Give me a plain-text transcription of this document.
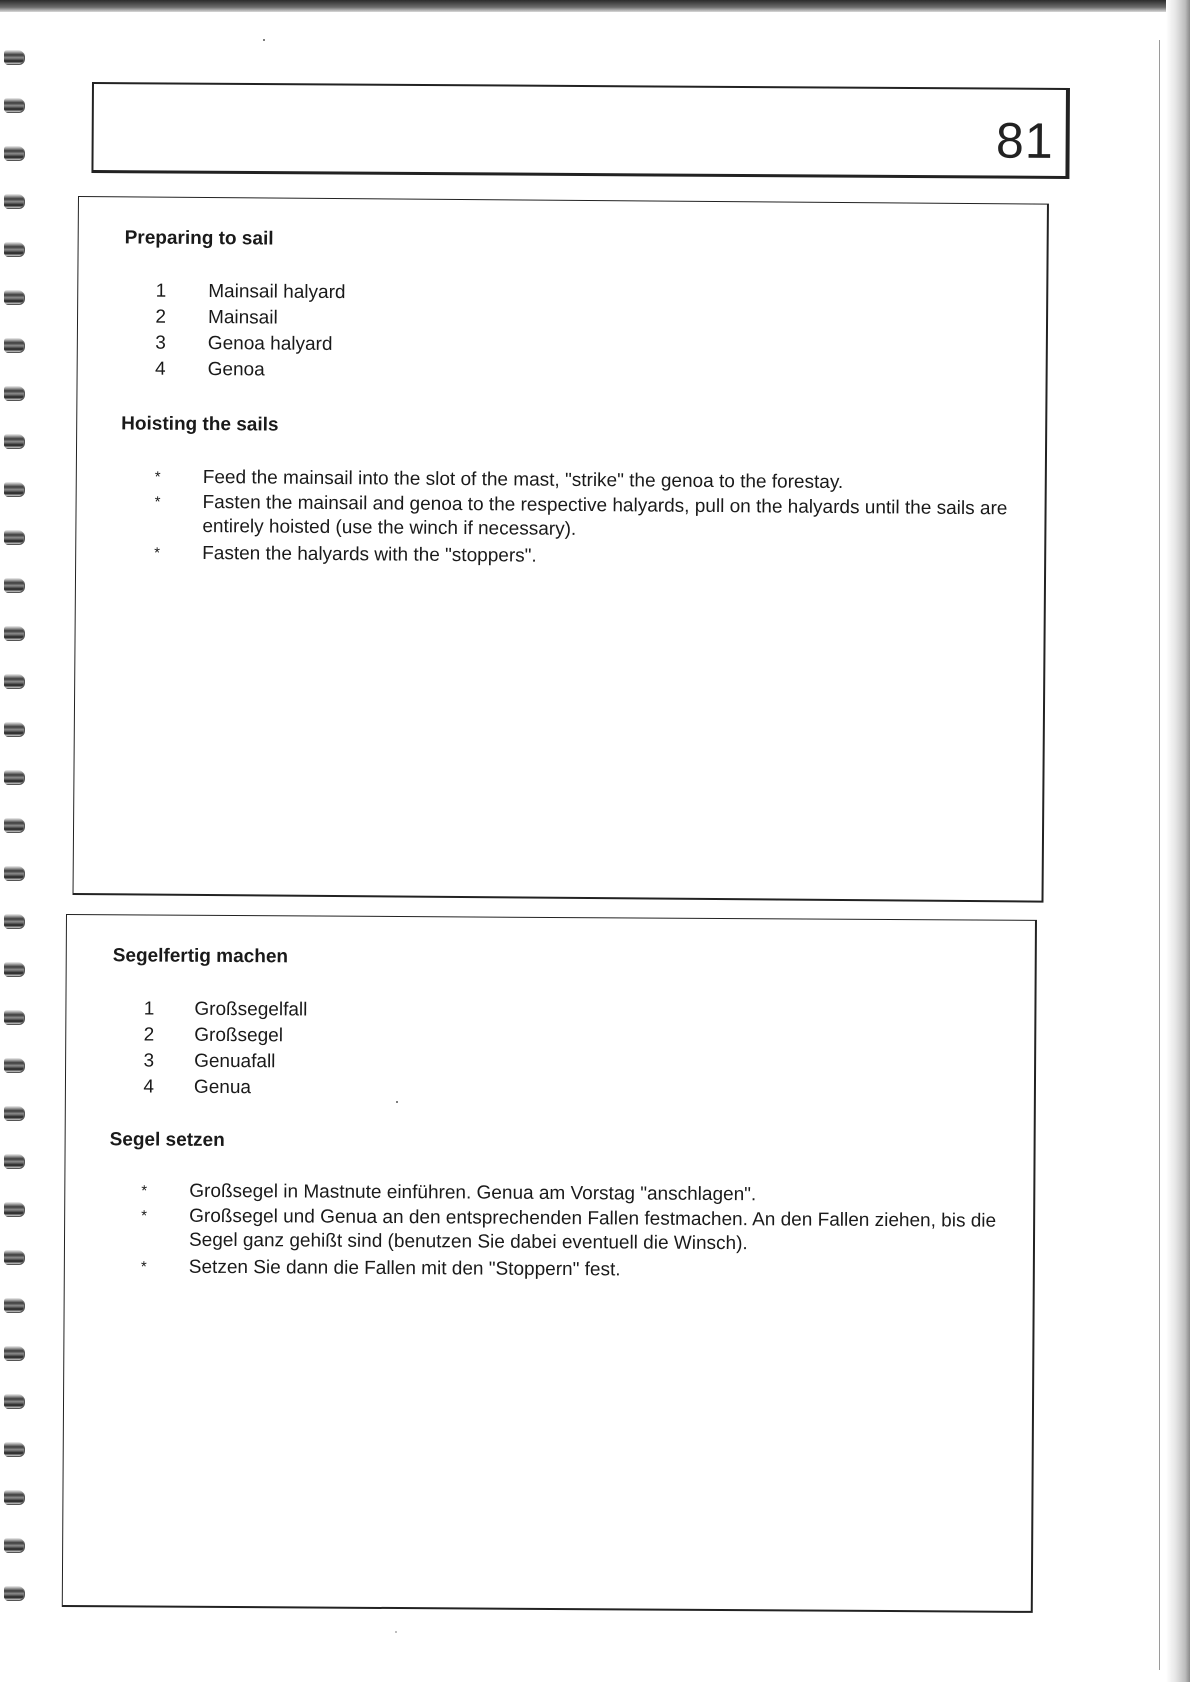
81
Preparing to sail
1 Mainsail halyard
2 Mainsail
3 Genoa halyard
4 Genoa
Hoisting the sails
* Feed the mainsail into the slot of the mast, "strike" the genoa to the forestay.
* Fasten the mainsail and genoa to the respective halyards, pull on the halyards until the sails are entirely hoisted (use the winch if necessary).
* Fasten the halyards with the "stoppers".
Segelfertig machen
1 Großsegelfall
2 Großsegel
3 Genuafall
4 Genua
Segel setzen
* Großsegel in Mastnute einführen. Genua am Vorstag "anschlagen".
* Großsegel und Genua an den entsprechenden Fallen festmachen. An den Fallen ziehen, bis die Segel ganz gehißt sind (benutzen Sie dabei eventuell die Winsch).
* Setzen Sie dann die Fallen mit den "Stoppern" fest.
